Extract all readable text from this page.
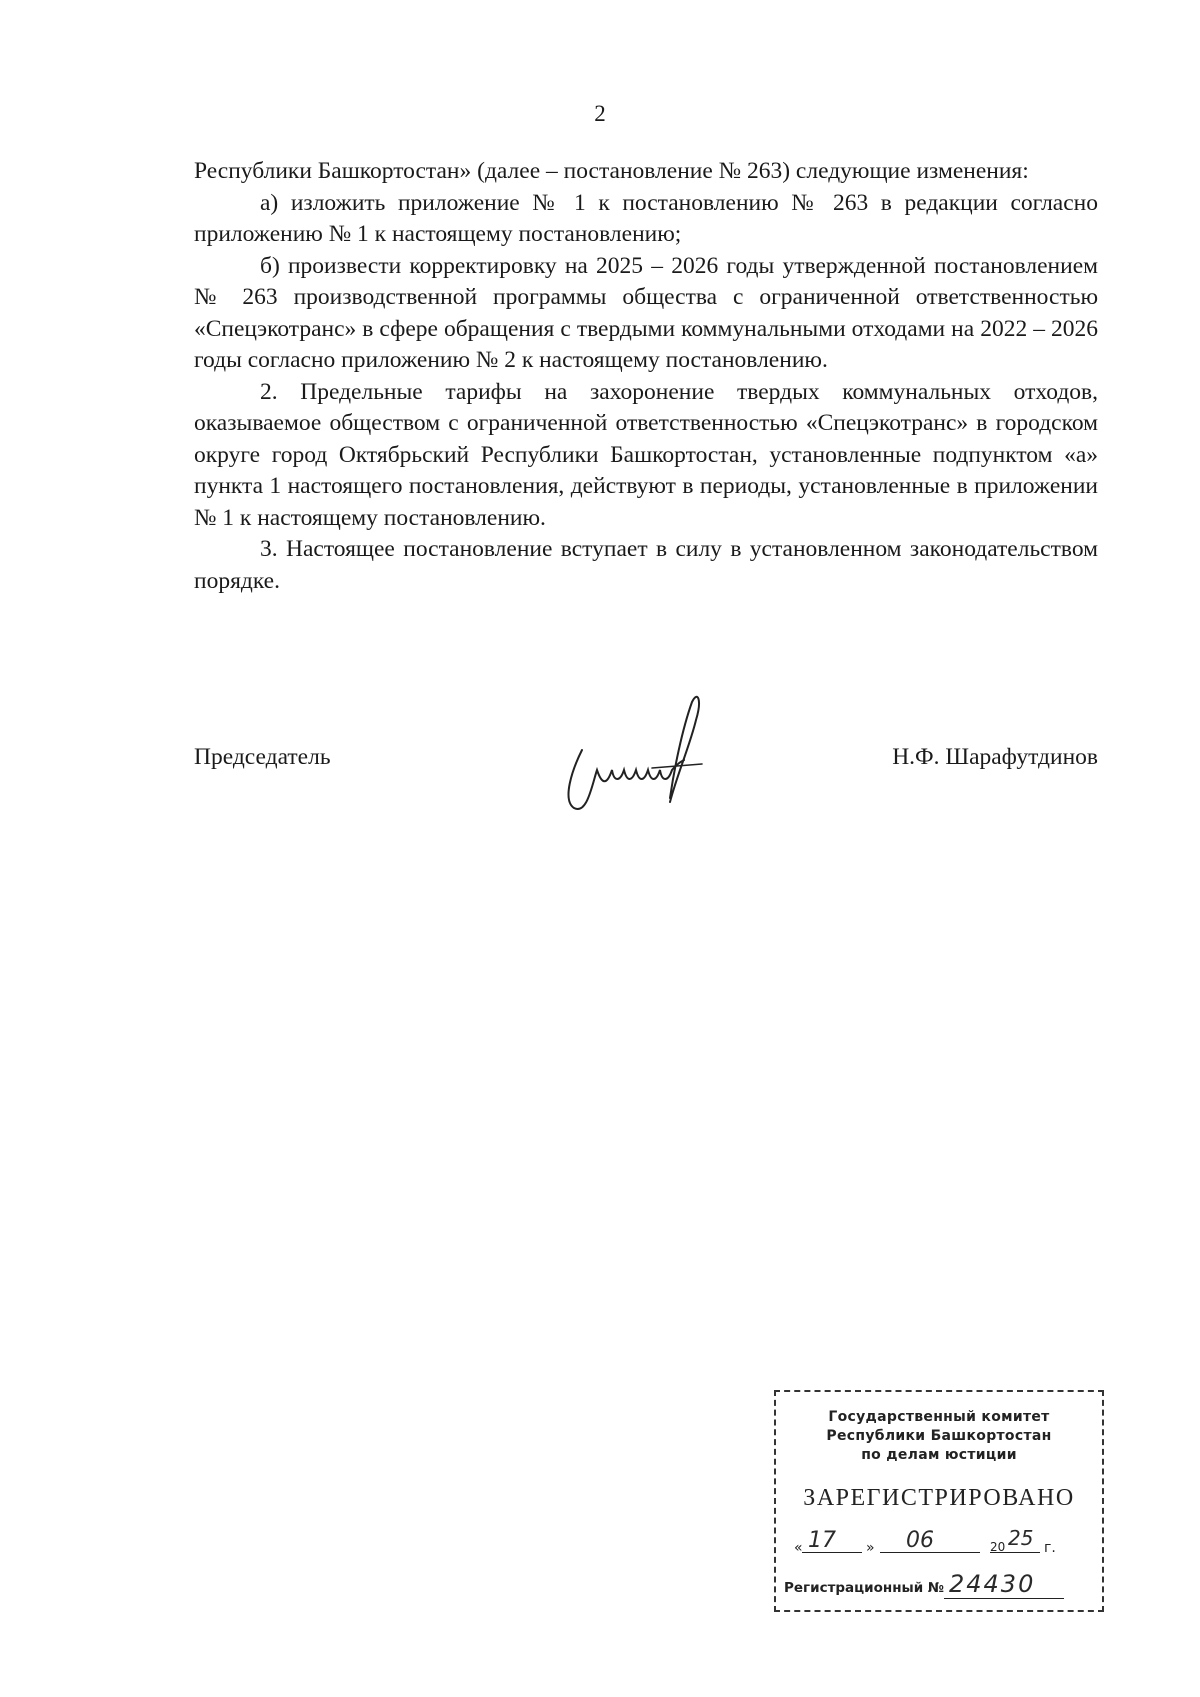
2

Республики Башкортостан» (далее – постановление № 263) следующие изменения:

а) изложить приложение № 1 к постановлению № 263 в редакции согласно приложению № 1 к настоящему постановлению;

б) произвести корректировку на 2025 – 2026 годы утвержденной постановлением № 263 производственной программы общества с ограниченной ответственностью «Спецэкотранс» в сфере обращения с твердыми коммунальными отходами на 2022 – 2026 годы согласно приложению № 2 к настоящему постановлению.

2. Предельные тарифы на захоронение твердых коммунальных отходов, оказываемое обществом с ограниченной ответственностью «Спецэкотранс» в городском округе город Октябрьский Республики Башкортостан, установленные подпунктом «а» пункта 1 настоящего постановления, действуют в периоды, установленные в приложении № 1 к настоящему постановлению.

3. Настоящее постановление вступает в силу в установленном законодательством порядке.

Председатель	Н.Ф. Шарафутдинов
Государственный комитет
Республики Башкортостан
по делам юстиции
ЗАРЕГИСТРИРОВАНО
« 17 » 06	20 25 г.
Регистрационный № 24430
